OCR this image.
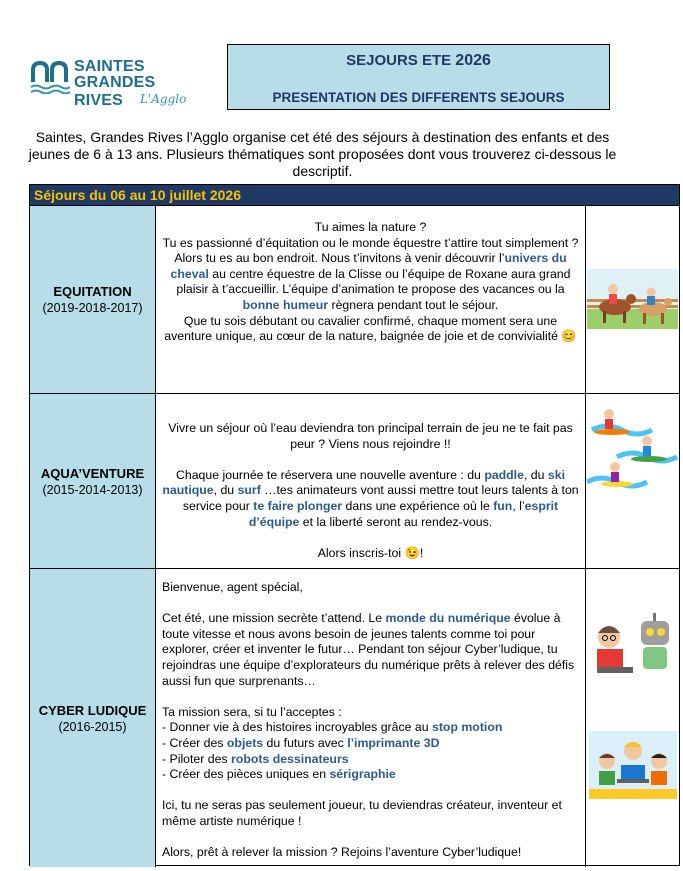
SAINTES
GRANDES RIVES	L'Agglo
SEJOURS ETE 2026
PRESENTATION DES DIFFERENTS SEJOURS
Saintes, Grandes Rives l’Agglo organise cet été des séjours à destination des enfants et des jeunes de 6 à 13 ans. Plusieurs thématiques sont proposées dont vous trouverez ci-dessous le descriptif.
Séjours du 06 au 10 juillet 2026
EQUITATION
(2019-2018-2017)
Tu aimes la nature ?
Tu es passionné d’équitation ou le monde équestre t’attire tout simplement ?
Alors tu es au bon endroit. Nous t’invitons à venir découvrir l’univers du cheval au centre équestre de la Clisse ou l’équipe de Roxane aura grand plaisir à t’accueillir. L’équipe d’animation te propose des vacances ou la bonne humeur règnera pendant tout le séjour.
Que tu sois débutant ou cavalier confirmé, chaque moment sera une aventure unique, au cœur de la nature, baignée de joie et de convivialité 😊
AQUA’VENTURE
(2015-2014-2013)
Vivre un séjour où l’eau deviendra ton principal terrain de jeu ne te fait pas peur ? Viens nous rejoindre !!
Chaque journée te réservera une nouvelle aventure : du paddle, du ski nautique, du surf …tes animateurs vont aussi mettre tout leurs talents à ton service pour te faire plonger dans une expérience où le fun, l’esprit d’équipe et la liberté seront au rendez-vous.
Alors inscris-toi 😉!
CYBER LUDIQUE
(2016-2015)
Bienvenue, agent spécial,
Cet été, une mission secrète t’attend. Le monde du numérique évolue à toute vitesse et nous avons besoin de jeunes talents comme toi pour explorer, créer et inventer le futur… Pendant ton séjour Cyber’ludique, tu rejoindras une équipe d’explorateurs du numérique prêts à relever des défis aussi fun que surprenants…
Ta mission sera, si tu l’acceptes :
- Donner vie à des histoires incroyables grâce au stop motion
- Créer des objets du futurs avec l’imprimante 3D
- Piloter des robots dessinateurs
- Créer des pièces uniques en sérigraphie
Ici, tu ne seras pas seulement joueur, tu deviendras créateur, inventeur et même artiste numérique !
Alors, prêt à relever la mission ? Rejoins l’aventure Cyber’ludique!
